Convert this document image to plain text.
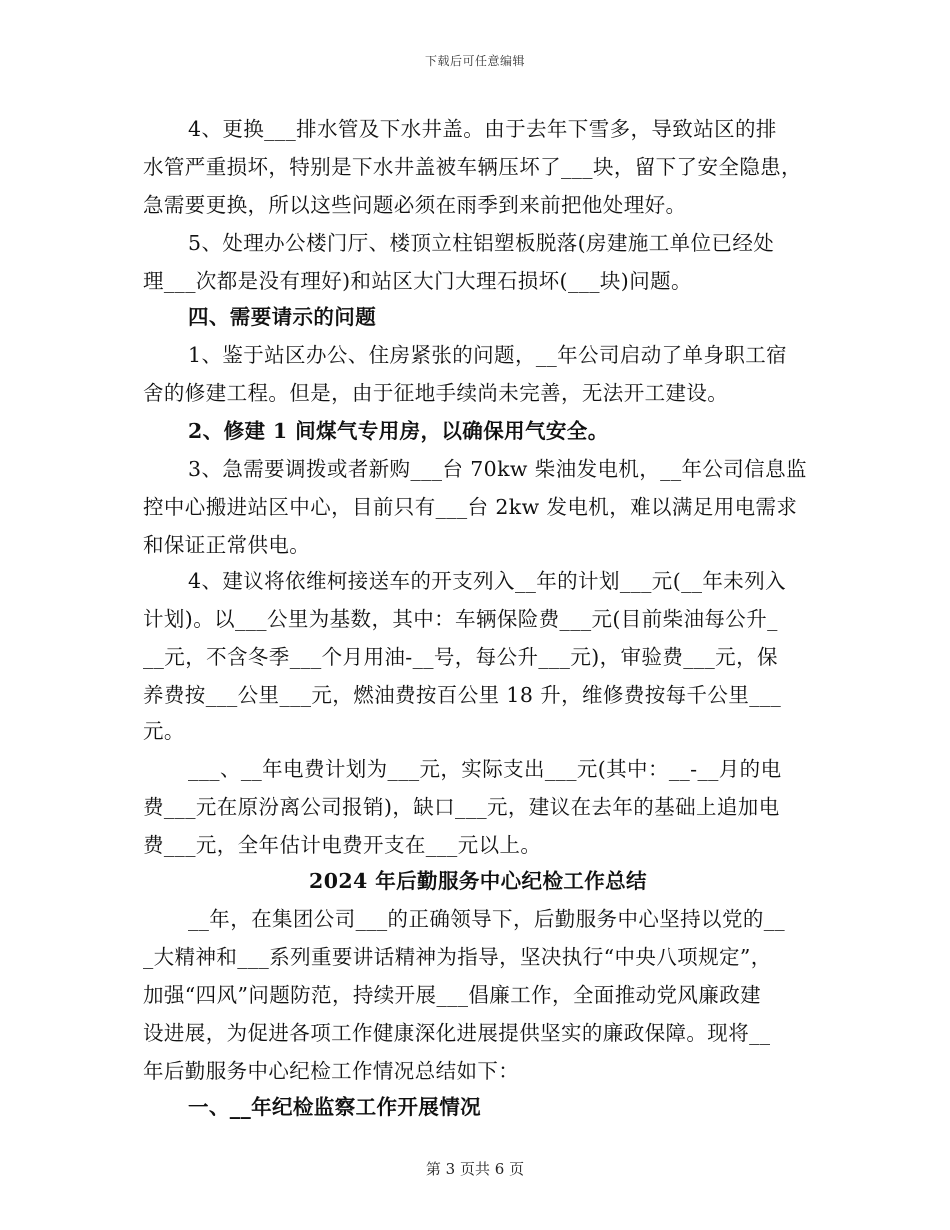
下载后可任意编辑
4、更换___排水管及下水井盖。由于去年下雪多，导致站区的排
水管严重损坏，特别是下水井盖被车辆压坏了___块，留下了安全隐患，
急需要更换，所以这些问题必须在雨季到来前把他处理好。
5、处理办公楼门厅、楼顶立柱铝塑板脱落(房建施工单位已经处
理___次都是没有理好)和站区大门大理石损坏(___块)问题。
四、需要请示的问题
1、鉴于站区办公、住房紧张的问题，__年公司启动了单身职工宿
舍的修建工程。但是，由于征地手续尚未完善，无法开工建设。
2、修建 1 间煤气专用房，以确保用气安全。
3、急需要调拨或者新购___台 70kw 柴油发电机，__年公司信息监
控中心搬进站区中心，目前只有___台 2kw 发电机，难以满足用电需求
和保证正常供电。
4、建议将依维柯接送车的开支列入__年的计划___元(__年未列入
计划)。以___公里为基数，其中：车辆保险费___元(目前柴油每公升_
__元，不含冬季___个月用油-__号，每公升___元)，审验费___元，保
养费按___公里___元，燃油费按百公里 18 升，维修费按每千公里___
元。
___、__年电费计划为___元，实际支出___元(其中：__-__月的电
费___元在原汾离公司报销)，缺口___元，建议在去年的基础上追加电
费___元，全年估计电费开支在___元以上。
2024 年后勤服务中心纪检工作总结
__年，在集团公司___的正确领导下，后勤服务中心坚持以党的__
_大精神和___系列重要讲话精神为指导，坚决执行“中央八项规定”，
加强“四风”问题防范，持续开展___倡廉工作，全面推动党风廉政建
设进展，为促进各项工作健康深化进展提供坚实的廉政保障。现将__
年后勤服务中心纪检工作情况总结如下：
一、__年纪检监察工作开展情况
第 3 页共 6 页
